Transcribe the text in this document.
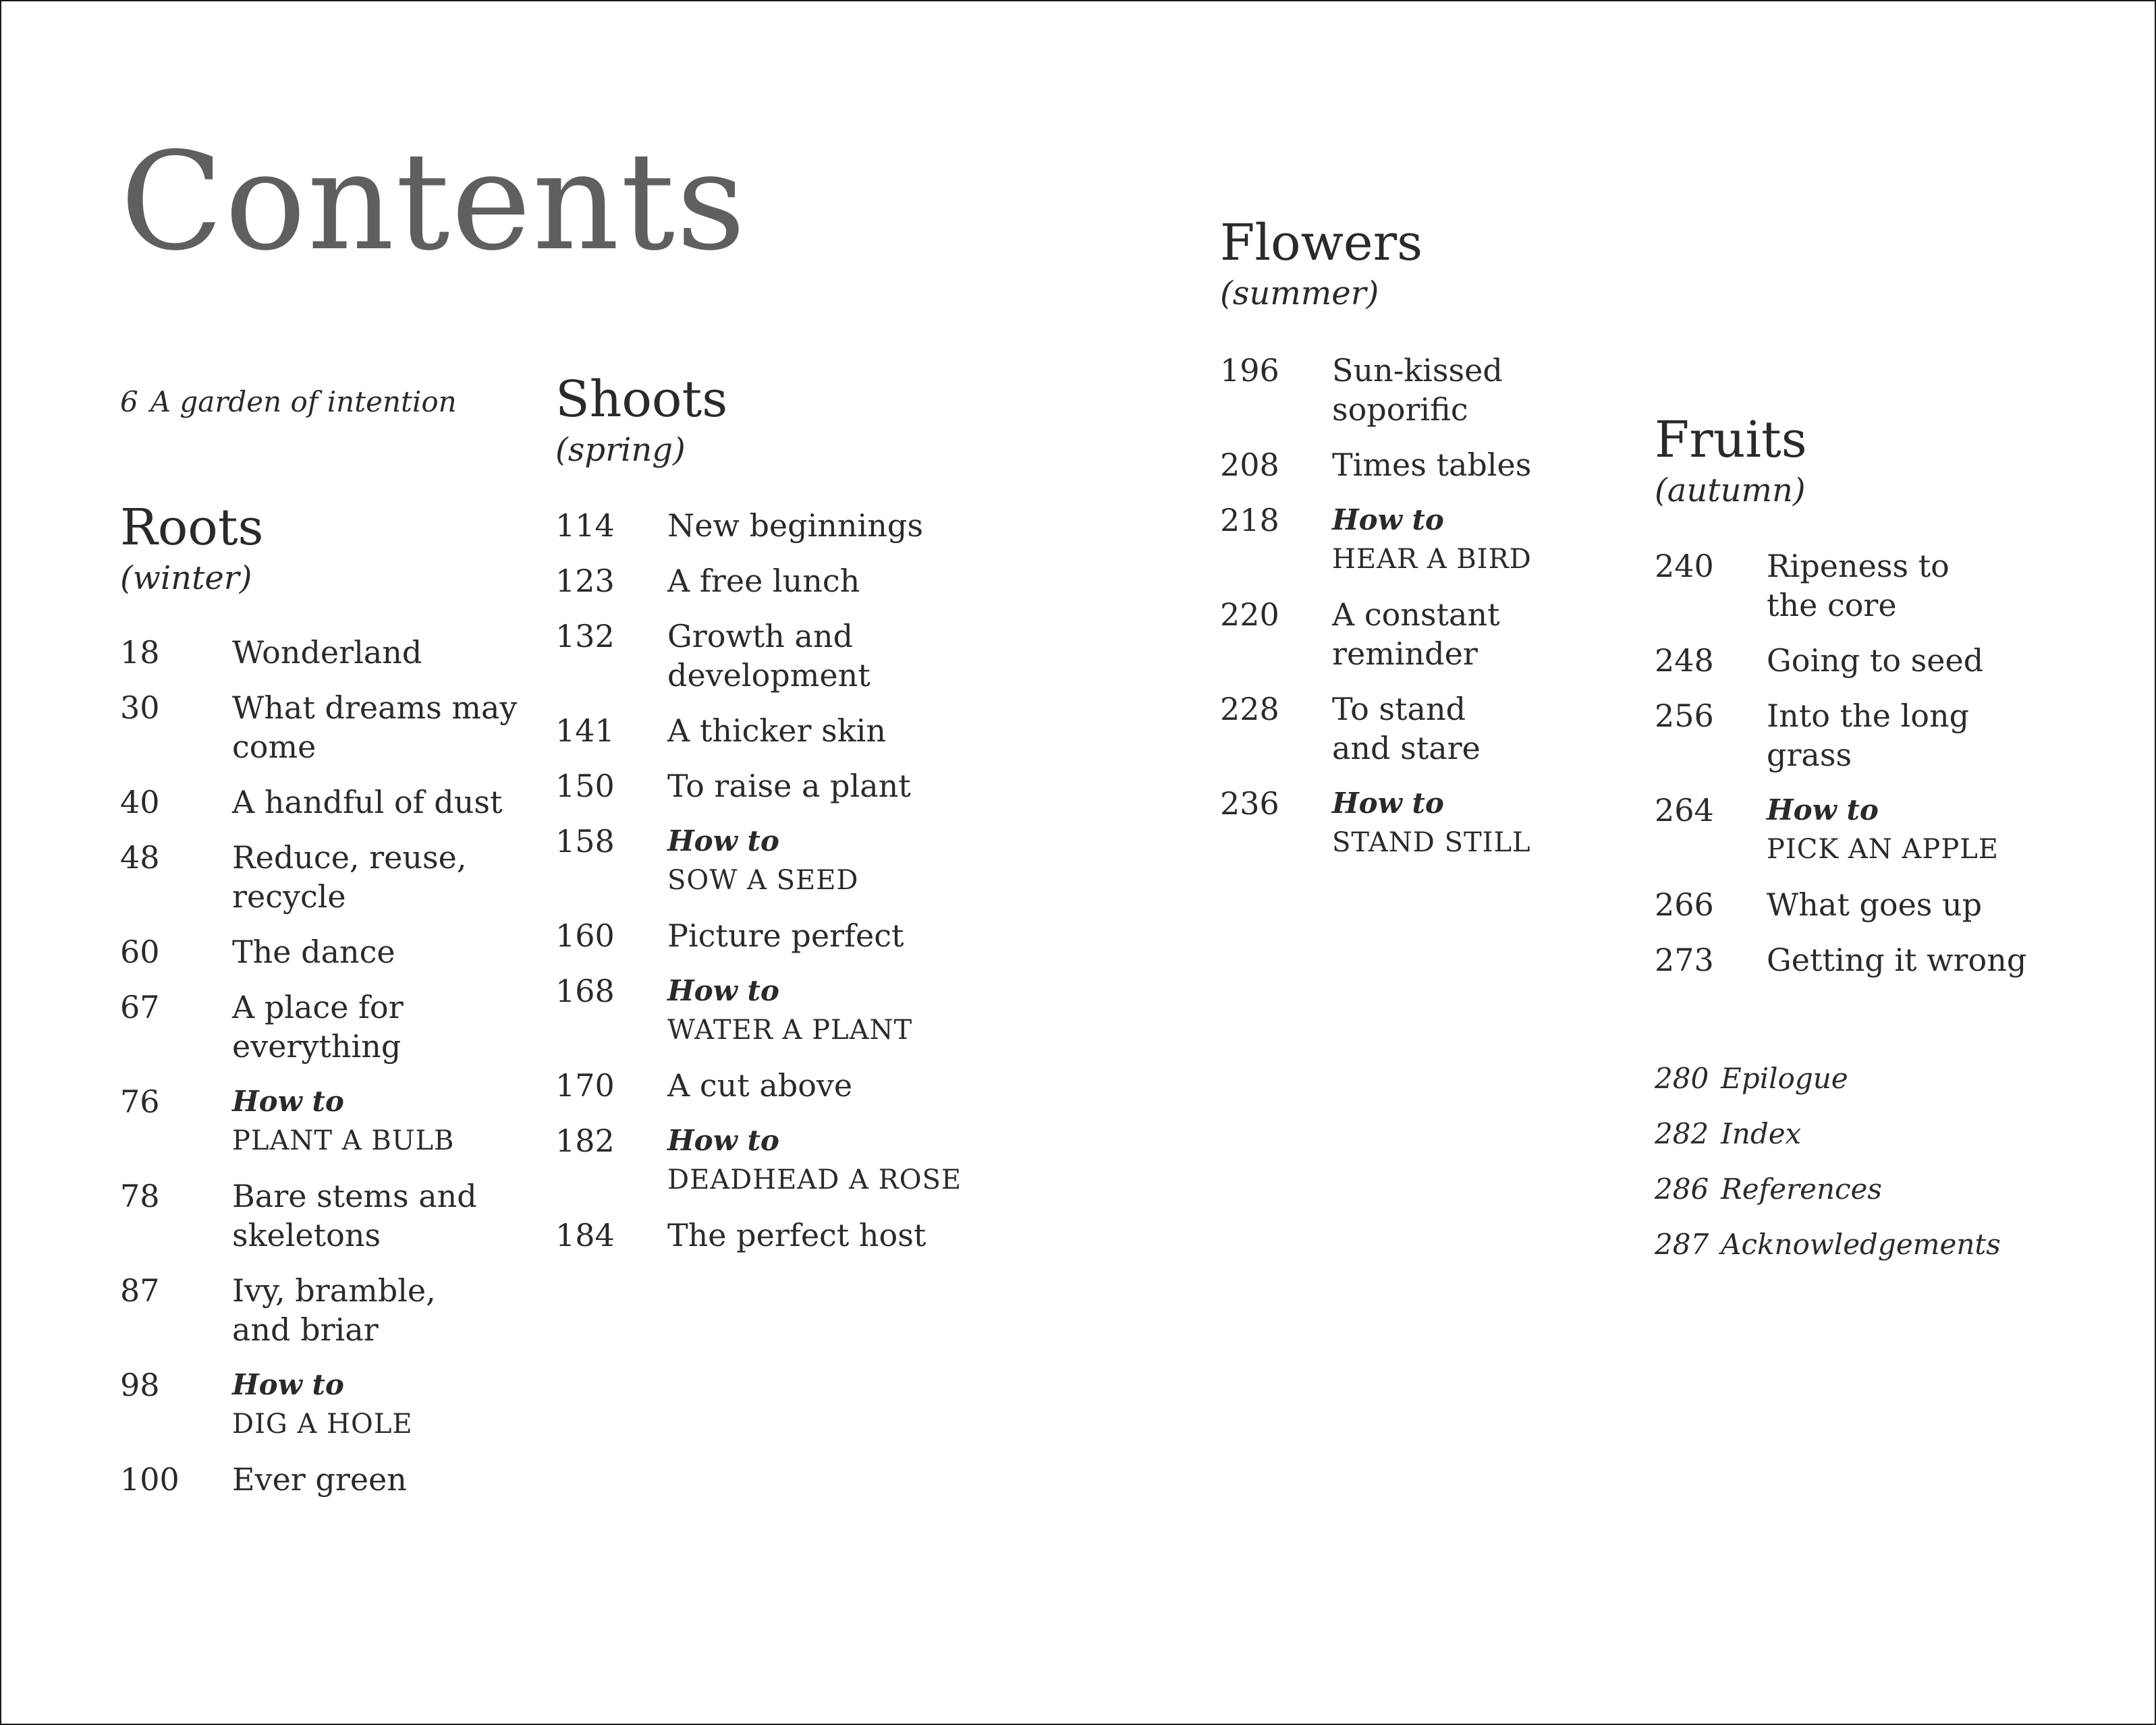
Contents
6 A garden of intention
Roots
(winter)
18 Wonderland
30 What dreams may
come
40 A handful of dust
48 Reduce, reuse,
recycle
60 The dance
67 A place for
everything
76	How to
PLANT A BULB
78 Bare stems and
skeletons
87 Ivy, bramble,
and briar
98	How to
DIG A HOLE
100 Ever green
Shoots
(spring)
114 New beginnings
123 A free lunch
132 Growth and
development
141 A thicker skin
150 To raise a plant
158 How to
SOW A SEED
160 Picture perfect
168 How to
WATER A PLANT
170 A cut above
182 How to
DEADHEAD A ROSE
184 The perfect host
Flowers
(summer)
196 Sun-kissed
soporific
208 Times tables
218 How to
HEAR A BIRD
220 A constant
reminder
228 To stand
and stare
236 How to
STAND STILL
Fruits
(autumn)
240 Ripeness to
the core
248 Going to seed
256 Into the long
grass
264 How to
PICK AN APPLE
266 What goes up
273 Getting it wrong
280 Epilogue
282 Index
286 References
287 Acknowledgements
